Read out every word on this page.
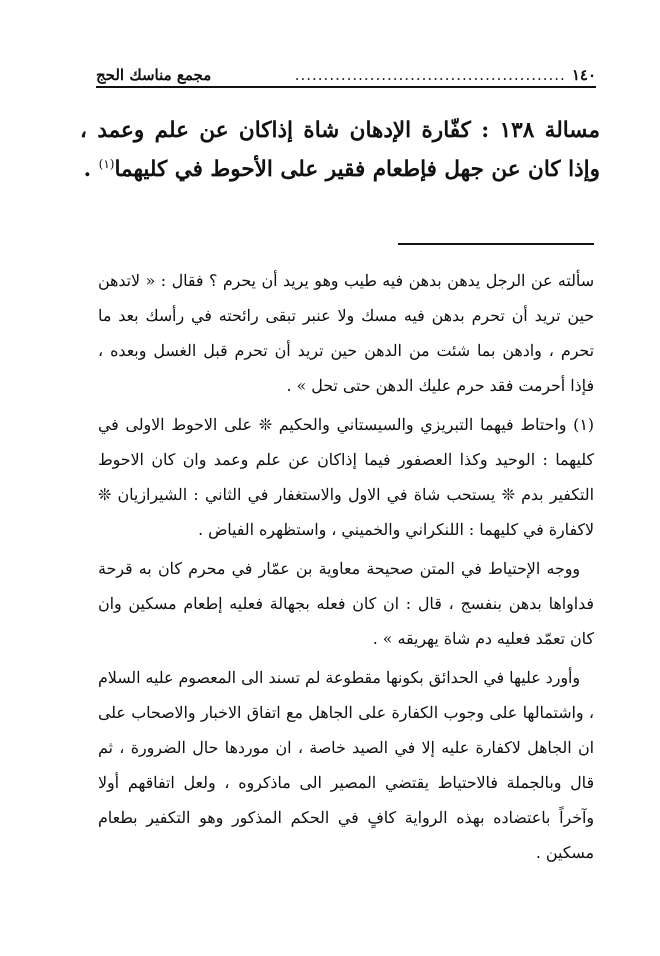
١٤٠
...............................................
مجمع مناسك الحج
مسالة ١٣٨ : كفّارة الإدهان شاة إذاكان عن علم وعمد ، وإذا كان عن جهل فإطعام فقير على الأحوط في كليهما$^{(١)}$ .

سألته عن الرجل يدهن بدهن فيه طيب وهو يريد أن يحرم ؟ فقال : « لاتدهن حين تريد أن تحرم بدهن فيه مسك ولا عنبر تبقى رائحته في رأسك بعد ما تحرم ، وادهن بما شئت من الدهن حين تريد أن تحرم قبل الغسل وبعده ، فإذا أحرمت فقد حرم عليك الدهن حتى تحل » .

(١) واحتاط فيهما التبريزي والسيستاني والحكيم ❊ على الاحوط الاولى في كليهما : الوحيد وكذا العصفور فيما إذاكان عن علم وعمد وان كان الاحوط التكفير بدم ❊ يستحب شاة في الاول والاستغفار في الثاني : الشيرازيان ❊ لاكفارة في كليهما : اللنكراني والخميني ، واستظهره الفياض .

ووجه الإحتياط في المتن صحيحة معاوية بن عمّار في محرم كان به قرحة فداواها بدهن بنفسج ، قال : ان كان فعله بجهالة فعليه إطعام مسكين وان كان تعمّد فعليه دم شاة يهريقه » .

وأورد عليها في الحدائق بكونها مقطوعة لم تسند الى المعصوم عليه السلام ، واشتمالها على وجوب الكفارة على الجاهل مع اتفاق الاخبار والاصحاب على ان الجاهل لاكفارة عليه إلا في الصيد خاصة ، ان موردها حال الضرورة ، ثم قال وبالجملة فالاحتياط يقتضي المصير الى ماذكروه ، ولعل اتفاقهم أولا وآخراً باعتضاده بهذه الرواية كافٍ في الحكم المذكور وهو التكفير بطعام مسكين .
